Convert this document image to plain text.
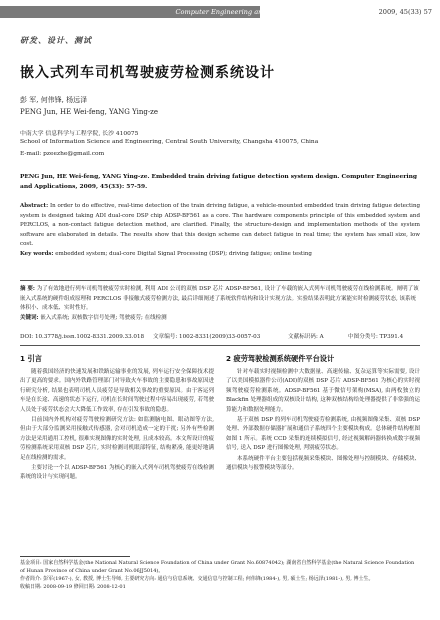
Computer Engineering and Applications 计算机工程与应用	2009, 45(33) 57
研发、设计、测试
嵌入式列车司机驾驶疲劳检测系统设计
彭 军, 何伟锋, 杨远泽
PENG Jun, HE Wei-feng, YANG Ying-ze
中南大学 信息科学与工程学院, 长沙 410075
School of Information Science and Engineering, Central South University, Changsha 410075, China
E-mail: pzeezhe@gmail.com
PENG Jun, HE Wei-feng, YANG Ying-ze. Embedded train driving fatigue detection system design. Computer Engineering and Applications, 2009, 45(33): 57-59.

Abstract: In order to do effective, real-time detection of the train driving fatigue, a vehicle-mounted embedded train driving fatigue detecting system is designed taking ADI dual-core DSP chip ADSP-BF561 as a core. The hardware components principle of this embedded system and PERCLOS, a non-contact fatigue detection method, are clarified. Finally, the structure-design and implementation methods of the system software are elaborated in details. The results show that this design scheme can detect fatigue in real time; the system has small size, low cost.

Key words: embedded system; dual-core Digital Signal Processing (DSP); driving fatigue; online testing

摘 要: 为了有效地进行列车司机驾驶疲劳实时检测, 利用 ADI 公司的双核 DSP 芯片 ADSP-BF561, 设计了车载的嵌入式列车司机驾驶疲劳在线检测系统。阐明了该嵌入式系统的硬件组成原理和 PERCLOS 非接触式疲劳检测方法, 最后详细阐述了系统软件结构和设计实现方法。实验结果表明此方案能实时检测疲劳状态, 该系统体积小、成本低、实时性好。

关键词: 嵌入式系统; 双核数字信号处理; 驾驶疲劳; 在线检测

DOI: 10.3778/j.issn.1002-8331.2009.33.018 文章编号: 1002-8331(2009)33-0057-03	文献标识码: A	中图分类号: TP391.4
1 引言

随着我国经济的快速发展和铁路运输事业的发展, 列车运行安全保障技术提出了更高的要求。国内外铁路管理部门对导致火车事故的主要隐患和事故原因进行研究分析, 结果也表明司机人员疲劳是导致相关事故的重要原因。由于客运列车是在长途、高速的状态下运行, 司机在长时间驾驶过程中容易出现疲劳, 若驾驶人员处于疲劳状态会大大降低工作效率, 存在引发事故的隐患。

目前国内外机构对疲劳驾驶检测研究方法: 如监测脑电图、眼动图等方法, 但由于大部分监测采用接触式传感器, 会对司机造成一定的干扰; 另外有些检测方法是采用通用工控机, 很难实现图像的实时处理, 且成本较高。本文所设计的疲劳检测系统采用双核 DSP 芯片, 实时检测司机眼部特征, 结构紧凑, 能更好地满足在线检测的需求。

主要讨论一个以 ADSP-BF561 为核心的嵌入式列车司机驾驶疲劳在线检测系统的设计与实现问题。

2 疲劳驾驶检测系统硬件平台设计

针对车载实时视频检测中大数据量、高速传输、复杂运算等实际需要, 设计了以美国模拟器件公司(ADI)的双核 DSP 芯片 ADSP-BF561 为核心的实时视频驾驶疲劳检测系统。ADSP-BF561 基于微信号架构(MSA), 由两枚独立的 Blackfin 处理器组成的双核设计结构, 这种双核结构给处理器提供了非常强的运算能力和数据处理能力。

基于双核 DSP 的列车司机驾驶疲劳检测系统, 由视频图像采集、双核 DSP 处理、外部数据存储器扩展和通信子系统四个主要模块构成。总体硬件结构框图如图 1 所示。系统 CCD 采集的连续模拟信号, 经过视频解码器转换成数字视频信号, 送入 DSP 进行图像处理, 判别疲劳状态。

本系统硬件平台主要包括视频采集模块、图像处理与控制模块、存储模块、通信模块与报警模块等部分。

基金项目: 国家自然科学基金(the National Natural Science Foundation of China under Grant No.60874042); 湖南省自然科学基金(the Natural Science Foundation of Hunan Province of China under Grant No.06JJ5014)。

作者简介: 彭军(1967-), 女, 教授, 博士生导师, 主要研究方向: 通信与信息系统、交通信息与控制工程; 何伟锋(1984-), 男, 硕士生; 杨远泽(1981-), 男, 博士生。

收稿日期: 2008-09-19 修回日期: 2008-12-01
